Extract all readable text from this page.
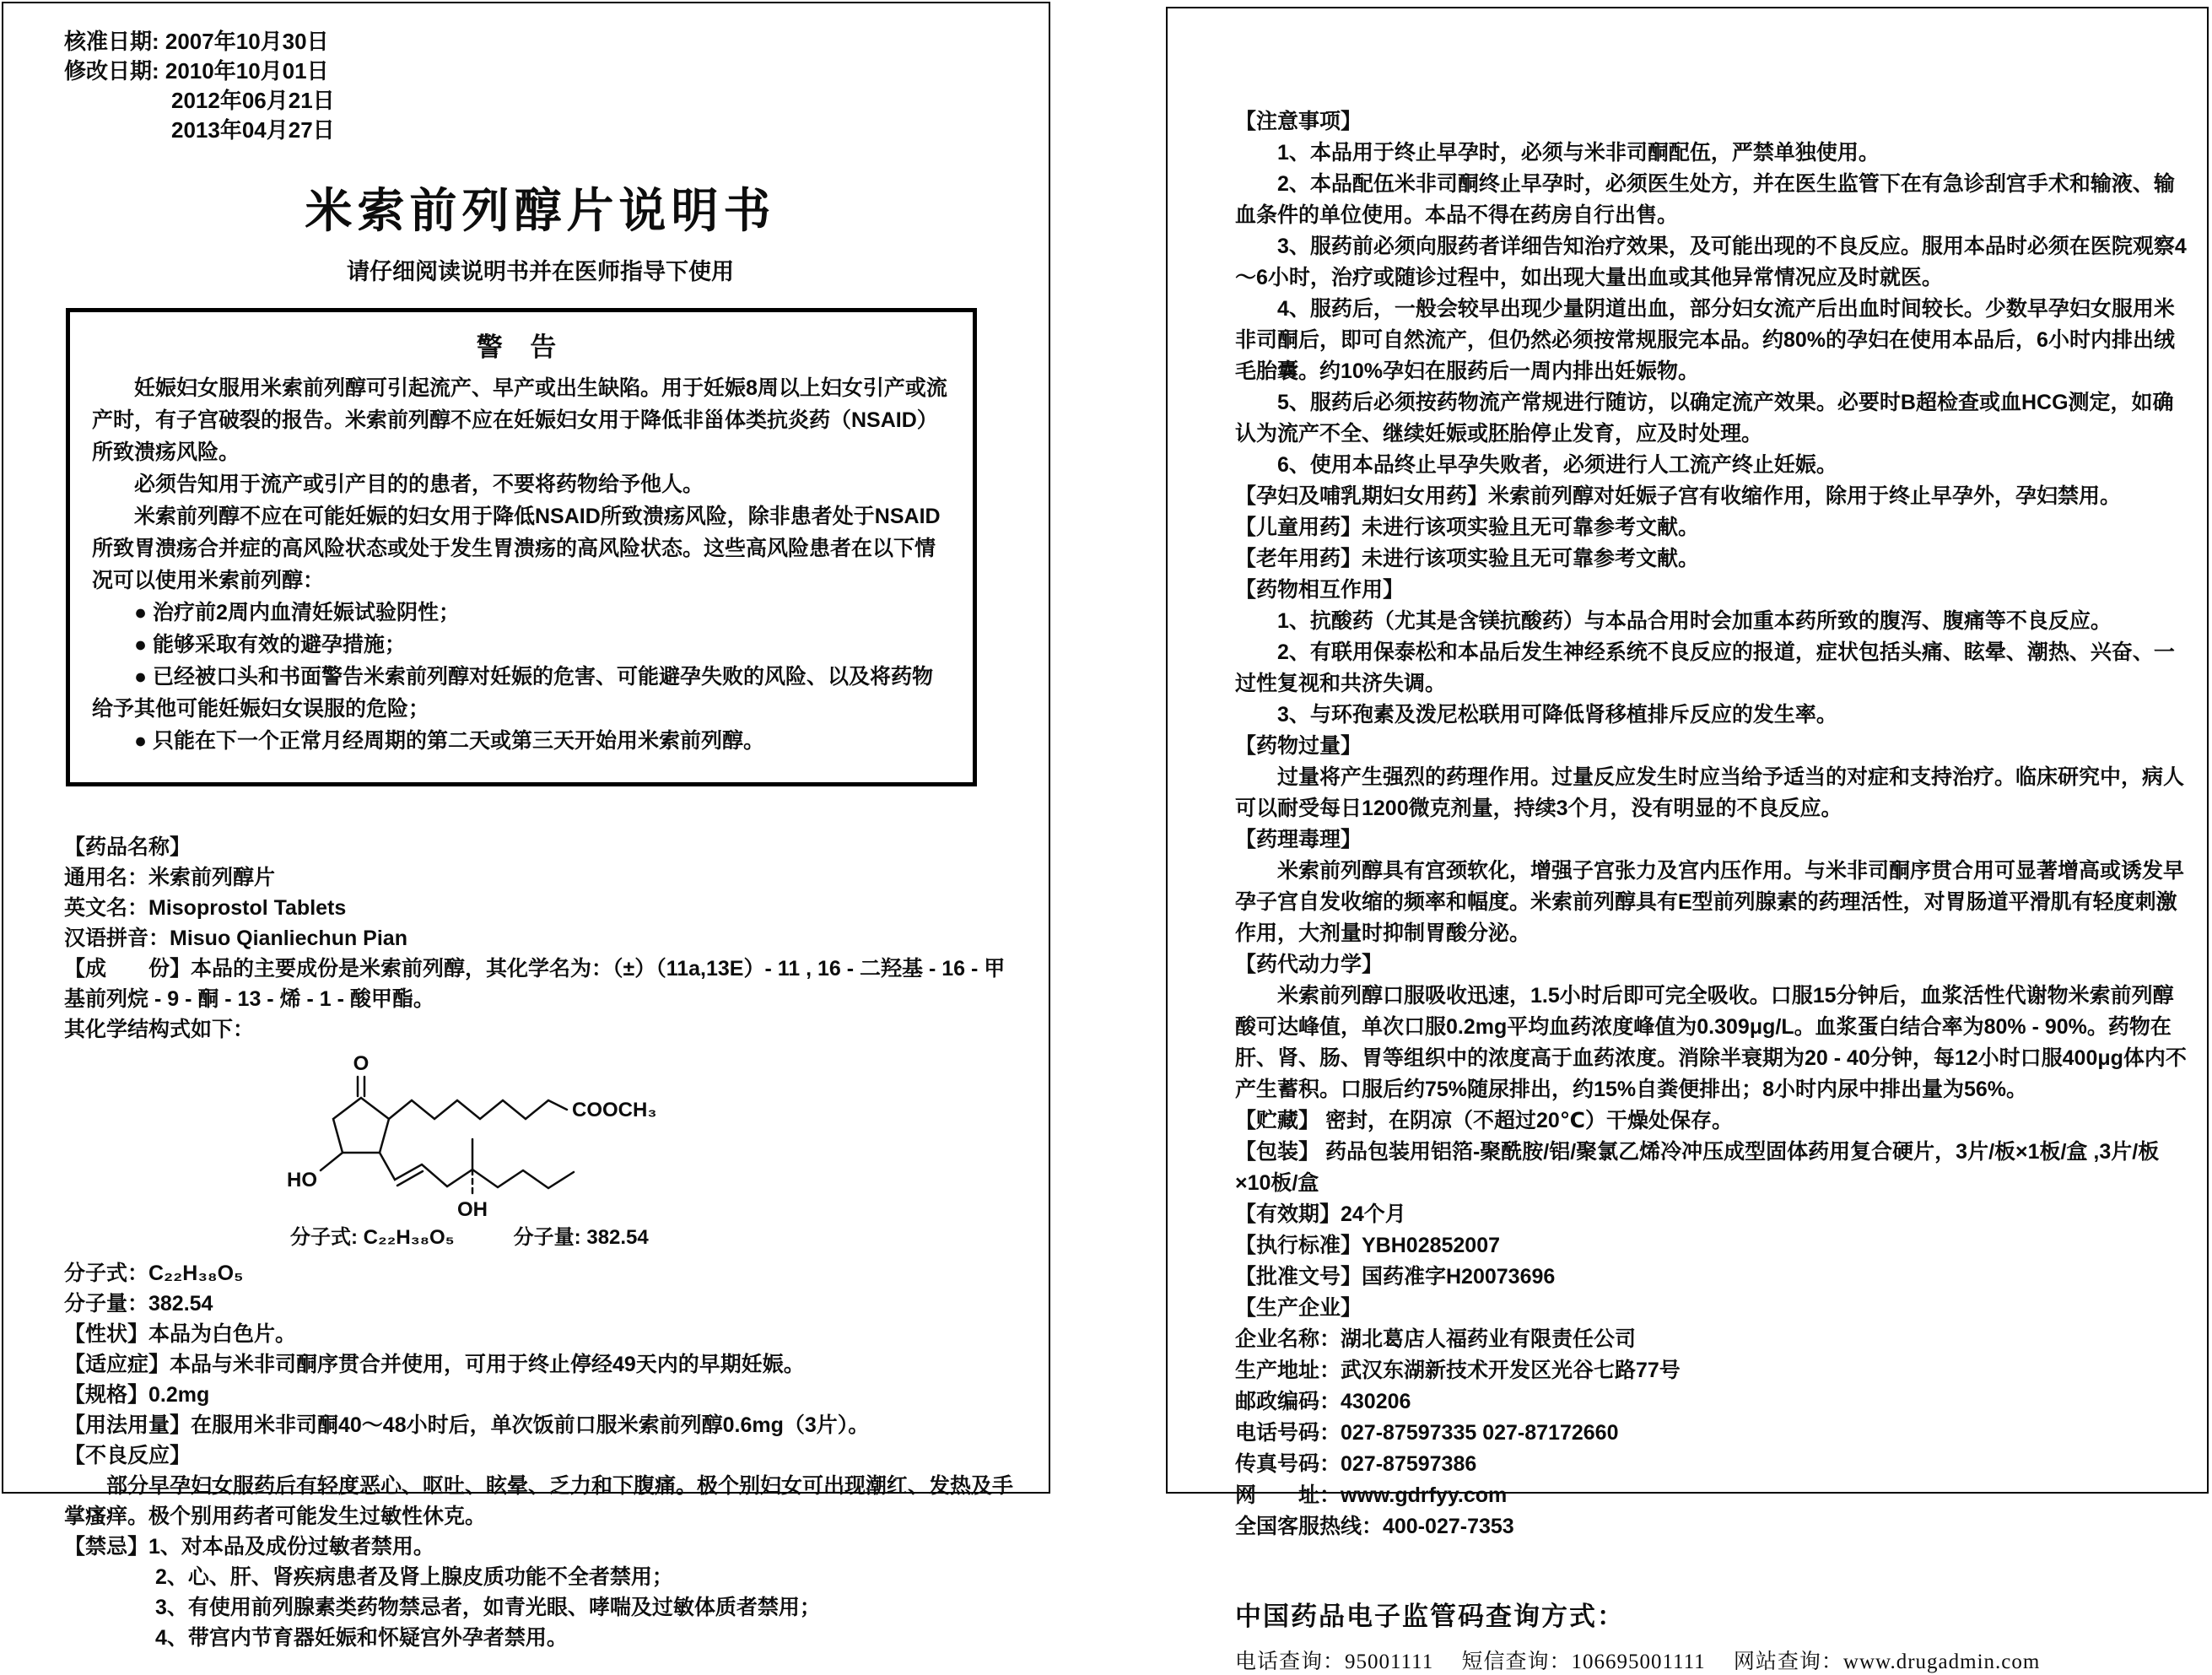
核准日期: 2007年10月30日

修改日期: 2010年10月01日

2012年06月21日

2013年04月27日

米索前列醇片说明书
请仔细阅读说明书并在医师指导下使用
警 告

妊娠妇女服用米索前列醇可引起流产、早产或出生缺陷。用于妊娠8周以上妇女引产或流产时，有子宫破裂的报告。米索前列醇不应在妊娠妇女用于降低非甾体类抗炎药（NSAID）所致溃疡风险。

必须告知用于流产或引产目的的患者，不要将药物给予他人。

米索前列醇不应在可能妊娠的妇女用于降低NSAID所致溃疡风险，除非患者处于NSAID所致胃溃疡合并症的高风险状态或处于发生胃溃疡的高风险状态。这些高风险患者在以下情况可以使用米索前列醇：

● 治疗前2周内血清妊娠试验阴性；

● 能够采取有效的避孕措施；

● 已经被口头和书面警告米索前列醇对妊娠的危害、可能避孕失败的风险、以及将药物给予其他可能妊娠妇女误服的危险；

● 只能在下一个正常月经周期的第二天或第三天开始用米索前列醇。

【药品名称】

通用名：米索前列醇片

英文名：Misoprostol Tablets

汉语拼音：Misuo Qianliechun Pian

【成　　份】本品的主要成份是米索前列醇，其化学名为：（±）（11a,13E）- 11 , 16 - 二羟基 - 16 - 甲基前列烷 - 9 - 酮 - 13 - 烯 - 1 - 酸甲酯。

其化学结构式如下：

O
HO
OH
COOCH₃
分子式: C₂₂H₃₈O₅	分子量: 382.54

分子式：C₂₂H₃₈O₅

分子量：382.54

【性状】本品为白色片。

【适应症】本品与米非司酮序贯合并使用，可用于终止停经49天内的早期妊娠。

【规格】0.2mg

【用法用量】在服用米非司酮40～48小时后，单次饭前口服米索前列醇0.6mg（3片）。

【不良反应】

部分早孕妇女服药后有轻度恶心、呕吐、眩晕、乏力和下腹痛。极个别妇女可出现潮红、发热及手掌瘙痒。极个别用药者可能发生过敏性休克。

【禁忌】1、对本品及成份过敏者禁用。

2、心、肝、肾疾病患者及肾上腺皮质功能不全者禁用；

3、有使用前列腺素类药物禁忌者，如青光眼、哮喘及过敏体质者禁用；

4、带宫内节育器妊娠和怀疑宫外孕者禁用。

【注意事项】

1、本品用于终止早孕时，必须与米非司酮配伍，严禁单独使用。

2、本品配伍米非司酮终止早孕时，必须医生处方，并在医生监管下在有急诊刮宫手术和输液、输血条件的单位使用。本品不得在药房自行出售。

3、服药前必须向服药者详细告知治疗效果，及可能出现的不良反应。服用本品时必须在医院观察4～6小时，治疗或随诊过程中，如出现大量出血或其他异常情况应及时就医。

4、服药后，一般会较早出现少量阴道出血，部分妇女流产后出血时间较长。少数早孕妇女服用米非司酮后，即可自然流产，但仍然必须按常规服完本品。约80%的孕妇在使用本品后，6小时内排出绒毛胎囊。约10%孕妇在服药后一周内排出妊娠物。

5、服药后必须按药物流产常规进行随访，以确定流产效果。必要时B超检查或血HCG测定，如确认为流产不全、继续妊娠或胚胎停止发育，应及时处理。

6、使用本品终止早孕失败者，必须进行人工流产终止妊娠。

【孕妇及哺乳期妇女用药】米索前列醇对妊娠子宫有收缩作用，除用于终止早孕外，孕妇禁用。

【儿童用药】未进行该项实验且无可靠参考文献。

【老年用药】未进行该项实验且无可靠参考文献。

【药物相互作用】

1、抗酸药（尤其是含镁抗酸药）与本品合用时会加重本药所致的腹泻、腹痛等不良反应。

2、有联用保泰松和本品后发生神经系统不良反应的报道，症状包括头痛、眩晕、潮热、兴奋、一过性复视和共济失调。

3、与环孢素及泼尼松联用可降低肾移植排斥反应的发生率。

【药物过量】

过量将产生强烈的药理作用。过量反应发生时应当给予适当的对症和支持治疗。临床研究中，病人可以耐受每日1200微克剂量，持续3个月，没有明显的不良反应。

【药理毒理】

米索前列醇具有宫颈软化，增强子宫张力及宫内压作用。与米非司酮序贯合用可显著增高或诱发早孕子宫自发收缩的频率和幅度。米索前列醇具有E型前列腺素的药理活性，对胃肠道平滑肌有轻度刺激作用，大剂量时抑制胃酸分泌。

【药代动力学】

米索前列醇口服吸收迅速，1.5小时后即可完全吸收。口服15分钟后，血浆活性代谢物米索前列醇酸可达峰值，单次口服0.2mg平均血药浓度峰值为0.309μg/L。血浆蛋白结合率为80% - 90%。药物在肝、肾、肠、胃等组织中的浓度高于血药浓度。消除半衰期为20 - 40分钟，每12小时口服400μg体内不产生蓄积。口服后约75%随尿排出，约15%自粪便排出；8小时内尿中排出量为56%。

【贮藏】 密封，在阴凉（不超过20℃）干燥处保存。

【包装】 药品包装用铝箔-聚酰胺/铝/聚氯乙烯冷冲压成型固体药用复合硬片，3片/板×1板/盒 ,3片/板×10板/盒

【有效期】24个月

【执行标准】YBH02852007

【批准文号】国药准字H20073696

【生产企业】

企业名称：湖北葛店人福药业有限责任公司

生产地址：武汉东湖新技术开发区光谷七路77号

邮政编码：430206

电话号码：027-87597335 027-87172660

传真号码：027-87597386

网　　址：www.gdrfyy.com

全国客服热线：400-027-7353

中国药品电子监管码查询方式：

电话查询：95001111　 短信查询：106695001111　 网站查询：www.drugadmin.com
